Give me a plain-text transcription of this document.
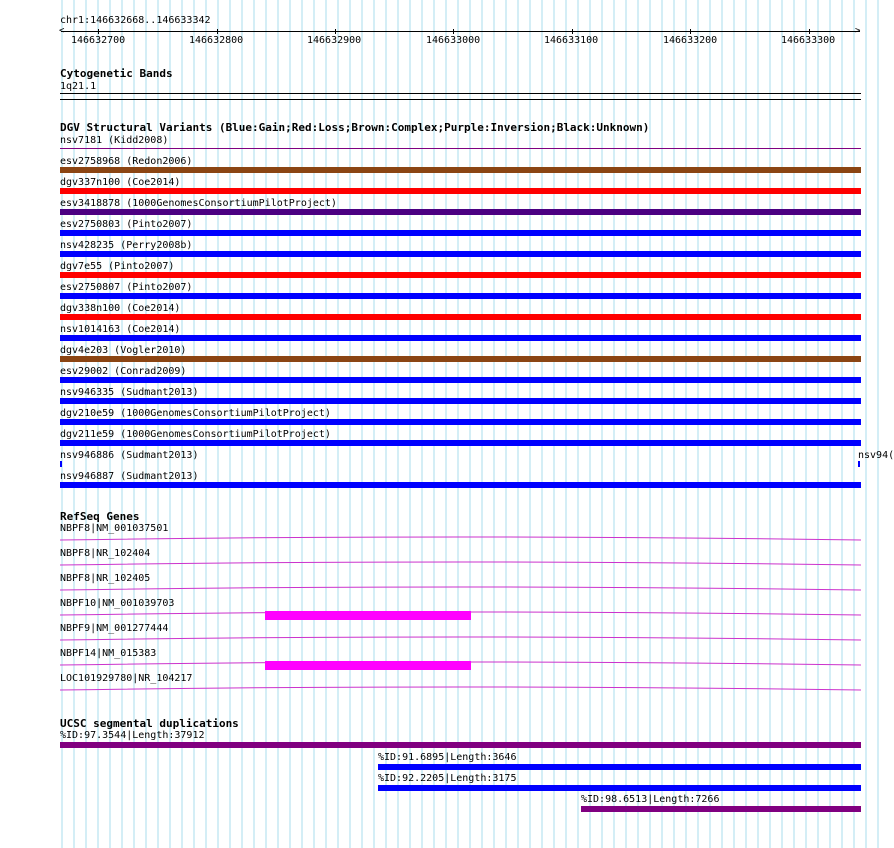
chr1:146632668..146633342
<	>
146632700	146632800	146632900	146633000	146633100	146633200	146633300
Cytogenetic Bands
1q21.1
DGV Structural Variants (Blue:Gain;Red:Loss;Brown:Complex;Purple:Inversion;Black:Unknown)
nsv7181 (Kidd2008)
esv2758968 (Redon2006)
dgv337n100 (Coe2014)
esv3418878 (1000GenomesConsortiumPilotProject)
esv2750803 (Pinto2007)
nsv428235 (Perry2008b)
dgv7e55 (Pinto2007)
esv2750807 (Pinto2007)
dgv338n100 (Coe2014)
nsv1014163 (Coe2014)
dgv4e203 (Vogler2010)
esv29002 (Conrad2009)
nsv946335 (Sudmant2013)
dgv210e59 (1000GenomesConsortiumPilotProject)
dgv211e59 (1000GenomesConsortiumPilotProject)
nsv946886 (Sudmant2013)	nsv94(
nsv946887 (Sudmant2013)
RefSeq Genes
NBPF8|NM_001037501
NBPF8|NR_102404
NBPF8|NR_102405
NBPF10|NM_001039703
NBPF9|NM_001277444
NBPF14|NM_015383
LOC101929780|NR_104217
UCSC segmental duplications
%ID:97.3544|Length:37912
%ID:91.6895|Length:3646
%ID:92.2205|Length:3175
%ID:98.6513|Length:7266
